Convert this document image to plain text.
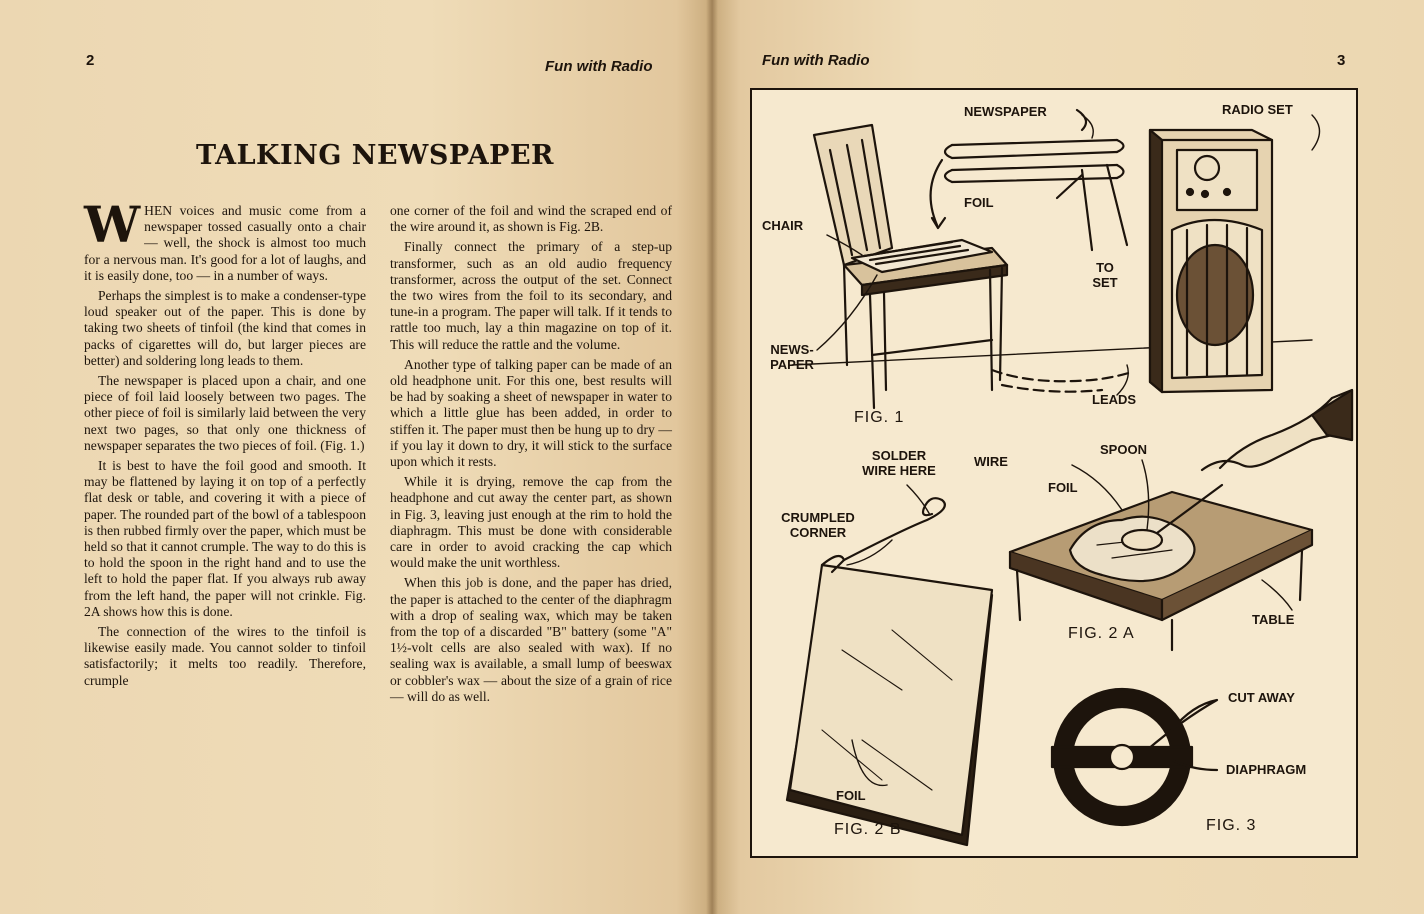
2	Fun with Radio
TALKING NEWSPAPER

WHEN voices and music come from a newspaper tossed casually onto a chair — well, the shock is almost too much for a nervous man. It's good for a lot of laughs, and it is easily done, too — in a number of ways.

Perhaps the simplest is to make a condenser-type loud speaker out of the paper. This is done by taking two sheets of tinfoil (the kind that comes in packs of cigarettes will do, but larger pieces are better) and soldering long leads to them.

The newspaper is placed upon a chair, and one piece of foil laid loosely between two pages. The other piece of foil is similarly laid between the very next two pages, so that only one thickness of newspaper separates the two pieces of foil. (Fig. 1.)

It is best to have the foil good and smooth. It may be flattened by laying it on top of a perfectly flat desk or table, and covering it with a piece of paper. The rounded part of the bowl of a tablespoon is then rubbed firmly over the paper, which must be held so that it cannot crumple. The way to do this is to hold the spoon in the right hand and to use the left to hold the paper flat. If you always rub away from the left hand, the paper will not crinkle. Fig. 2A shows how this is done.

The connection of the wires to the tinfoil is likewise easily made. You cannot solder to tinfoil satisfactorily; it melts too readily. Therefore, crumple

one corner of the foil and wind the scraped end of the wire around it, as shown is Fig. 2B.

Finally connect the primary of a step-up transformer, such as an old audio frequency transformer, across the output of the set. Connect the two wires from the foil to its secondary, and tune-in a program. The paper will talk. If it tends to rattle too much, lay a thin magazine on top of it. This will reduce the rattle and the volume.

Another type of talking paper can be made of an old headphone unit. For this one, best results will be had by soaking a sheet of newspaper in water to which a little glue has been added, in order to stiffen it. The paper must then be hung up to dry — if you lay it down to dry, it will stick to the surface upon which it rests.

While it is drying, remove the cap from the headphone and cut away the center part, as shown in Fig. 3, leaving just enough at the rim to hold the diaphragm. This must be done with considerable care in order to avoid cracking the cap which would make the unit worthless.

When this job is done, and the paper has dried, the paper is attached to the center of the diaphragm with a drop of sealing wax, which may be taken from the top of a discarded "B" battery (some "A" 1½-volt cells are also sealed with wax). If no sealing wax is available, a small lump of beeswax or cobbler's wax — about the size of a grain of rice — will do as well.

Fun with Radio	3
NEWSPAPER	RADIO SET
FOIL
CHAIR
TO SET
NEWS-PAPER
LEADS
FIG. 1
SOLDER WIRE HERE
WIRE
SPOON
FOIL
CRUMPLED CORNER
TABLE
FIG. 2 A
CUT AWAY
DIAPHRAGM
FOIL
FIG. 2 B	FIG. 3
